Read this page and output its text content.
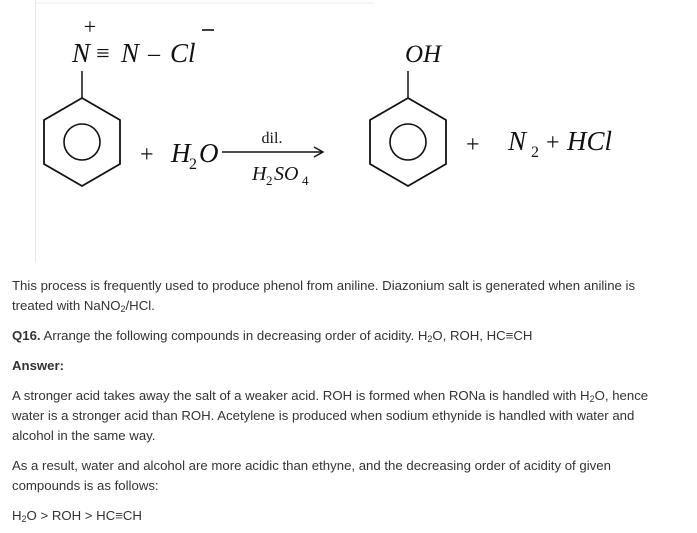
+
N ≡ N – Cl
+ H
2 O	dil.
H 2 SO 4
OH
+ N 2 + HCl
This process is frequently used to produce phenol from aniline. Diazonium salt is generated when aniline is
treated with NaNO$_2$/HCl.
Q16. Arrange the following compounds in decreasing order of acidity. $H_2O$, ROH, HC≡CH
Answer:
A stronger acid takes away the salt of a weaker acid. ROH is formed when RONa is handled with $H_2O$, hence
water is a stronger acid than ROH. Acetylene is produced when sodium ethynide is handled with water and
alcohol in the same way.
As a result, water and alcohol are more acidic than ethyne, and the decreasing order of acidity of given
compounds is as follows:
$H_2O$ > ROH > HC≡CH
